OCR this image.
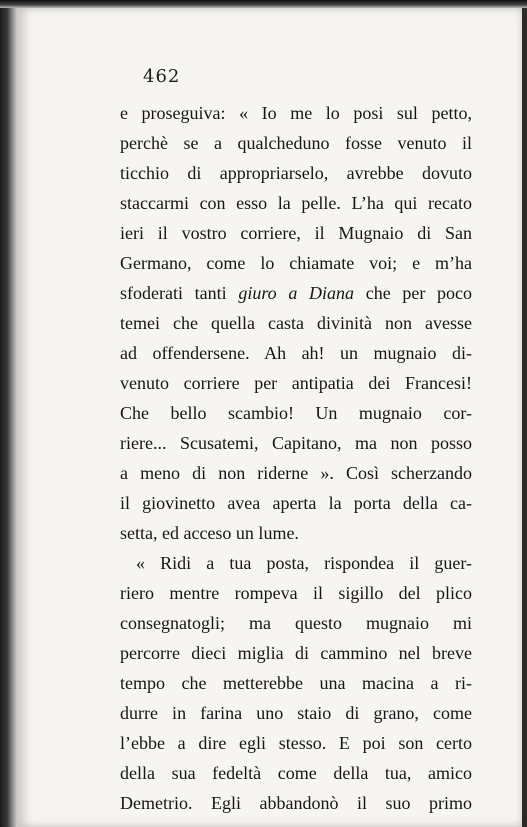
462
e proseguiva: « Io me lo posi sul petto,
perchè se a qualcheduno fosse venuto il
ticchio di appropriarselo, avrebbe dovuto
staccarmi con esso la pelle. L’ha qui recato
ieri il vostro corriere, il Mugnaio di San
Germano, come lo chiamate voi; e m’ha
sfoderati tanti giuro a Diana che per poco
temei che quella casta divinità non avesse
ad offendersene. Ah ah! un mugnaio di-
venuto corriere per antipatia dei Francesi!
Che bello scambio! Un mugnaio cor-
riere... Scusatemi, Capitano, ma non posso
a meno di non riderne ». Così scherzando
il giovinetto avea aperta la porta della ca-
setta, ed acceso un lume.
« Ridi a tua posta, rispondea il guer-
riero mentre rompeva il sigillo del plico
consegnatogli; ma questo mugnaio mi
percorre dieci miglia di cammino nel breve
tempo che metterebbe una macina a ri-
durre in farina uno staio di grano, come
l’ebbe a dire egli stesso. E poi son certo
della sua fedeltà come della tua, amico
Demetrio. Egli abbandonò il suo primo
